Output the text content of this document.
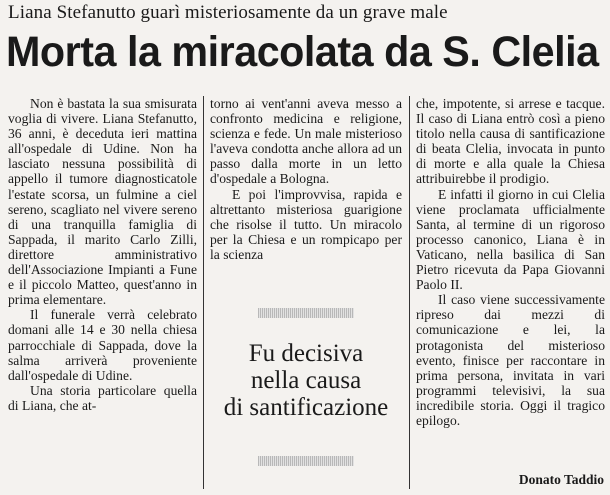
Liana Stefanutto guarì misteriosamente da un grave male
Morta la miracolata da S. Clelia

Non è bastata la sua smisurata voglia di vivere. Liana Stefanutto, 36 anni, è deceduta ieri mattina all'ospedale di Udine. Non ha lasciato nessuna possibilità di appello il tumore diagnosticatole l'estate scorsa, un fulmine a ciel sereno, scagliato nel vivere sereno di una tranquilla famiglia di Sappada, il marito Carlo Zilli, direttore amministrativo dell'Associazione Impianti a Fune e il piccolo Matteo, quest'anno in prima elementare.

Il funerale verrà celebrato domani alle 14 e 30 nella chiesa parrocchiale di Sappada, dove la salma arriverà proveniente dall'ospedale di Udine.

Una storia particolare quella di Liana, che at-

torno ai vent'anni aveva messo a confronto medicina e religione, scienza e fede. Un male misterioso l'aveva condotta anche allora ad un passo dalla morte in un letto d'ospedale a Bologna.

E poi l'improvvisa, rapida e altrettanto misteriosa guarigione che risolse il tutto. Un miracolo per la Chiesa e un rompicapo per la scienza

Fu decisiva
nella causa
di santificazione

che, impotente, si arrese e tacque. Il caso di Liana entrò così a pieno titolo nella causa di santificazione di beata Clelia, invocata in punto di morte e alla quale la Chiesa attribuirebbe il prodigio.

E infatti il giorno in cui Clelia viene proclamata ufficialmente Santa, al termine di un rigoroso processo canonico, Liana è in Vaticano, nella basilica di San Pietro ricevuta da Papa Giovanni Paolo II.

Il caso viene successivamente ripreso dai mezzi di comunicazione e lei, la protagonista del misterioso evento, finisce per raccontare in prima persona, invitata in vari programmi televisivi, la sua incredibile storia. Oggi il tragico epilogo.

Donato Taddio
